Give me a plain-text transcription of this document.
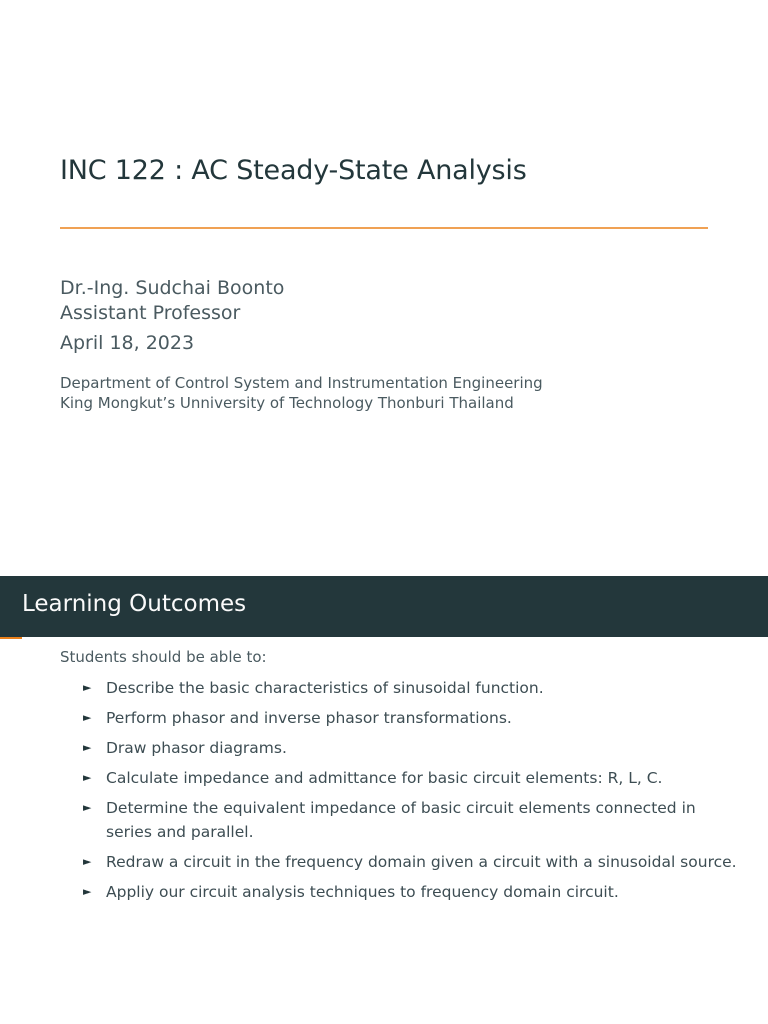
INC 122 : AC Steady-State Analysis
Dr.-Ing. Sudchai Boonto
Assistant Professor
April 18, 2023
Department of Control System and Instrumentation Engineering
King Mongkut’s Unniversity of Technology Thonburi Thailand
Learning Outcomes
Students should be able to:
► Describe the basic characteristics of sinusoidal function.
► Perform phasor and inverse phasor transformations.
► Draw phasor diagrams.
► Calculate impedance and admittance for basic circuit elements: R, L, C.
► Determine the equivalent impedance of basic circuit elements connected in series and parallel.
► Redraw a circuit in the frequency domain given a circuit with a sinusoidal source.
► Appliy our circuit analysis techniques to frequency domain circuit.
